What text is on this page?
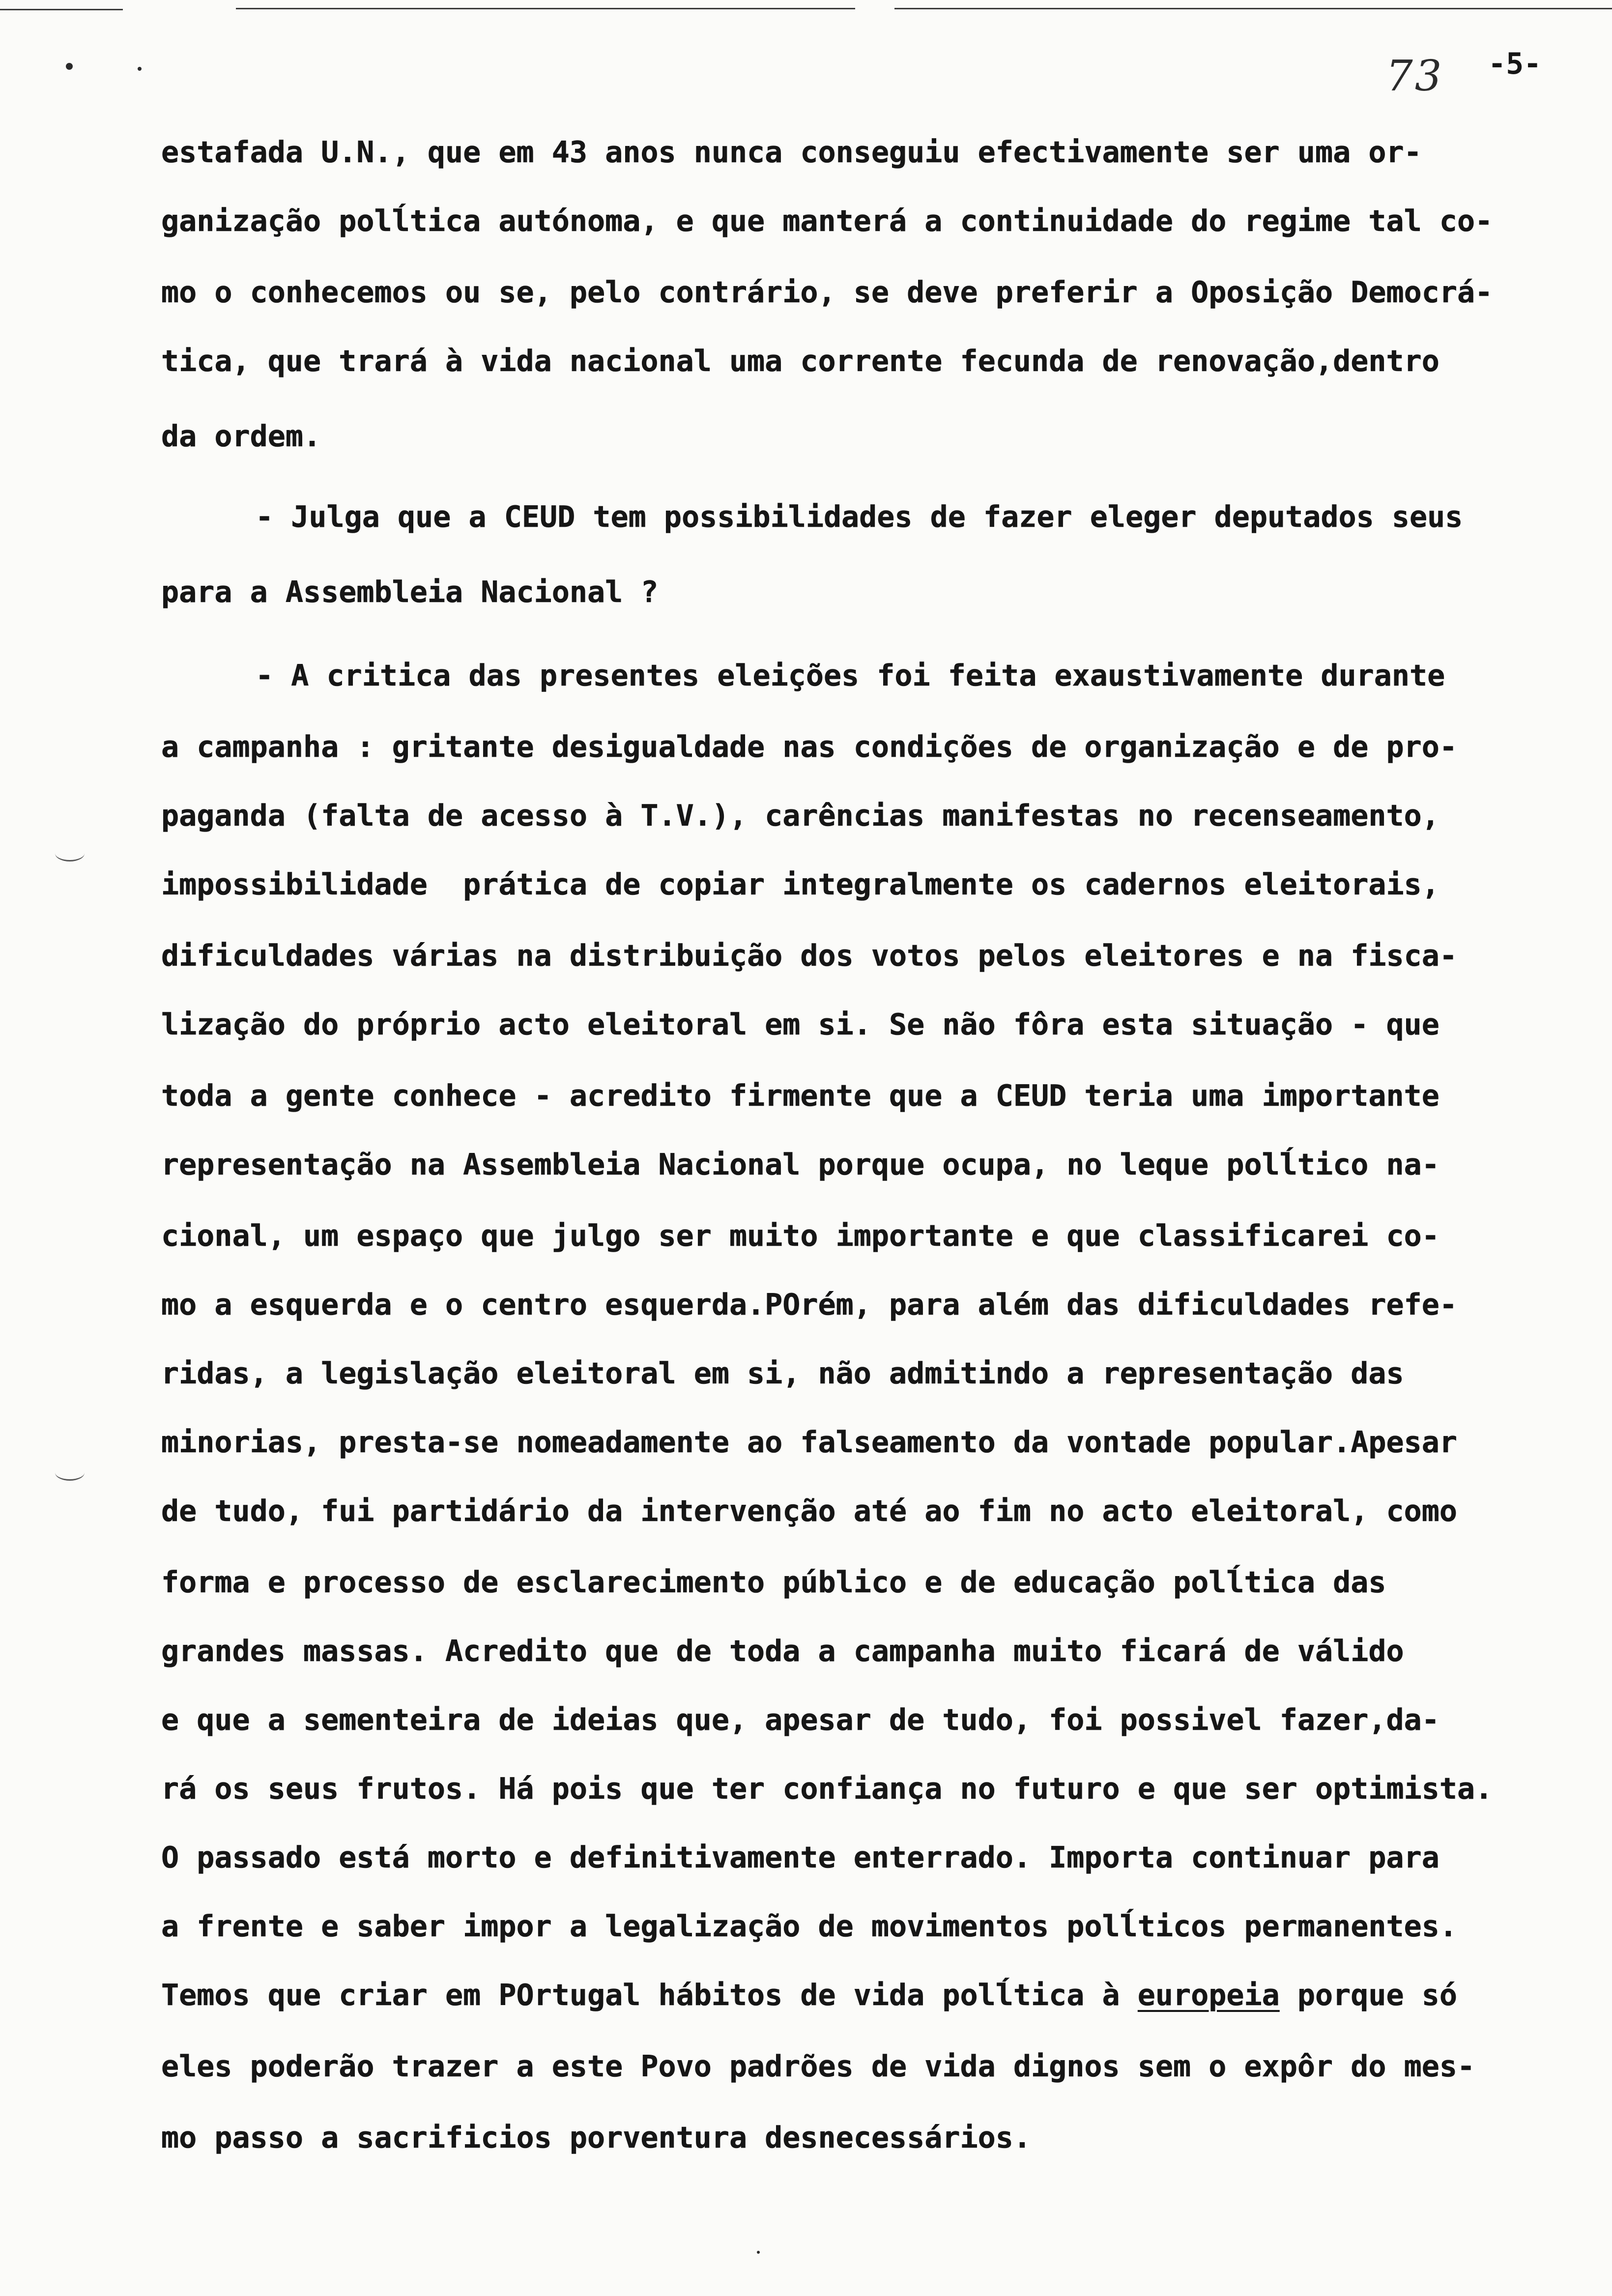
73 -5-

estafada U.N., que em 43 anos nunca conseguiu efectivamente ser uma or-

ganização polĺtica autónoma, e que manterá a continuidade do regime tal co-

mo o conhecemos ou se, pelo contrário, se deve preferir a Oposição Democrá-

tica, que trará à vida nacional uma corrente fecunda de renovação,dentro

da ordem.

- Julga que a CEUD tem possibilidades de fazer eleger deputados seus

para a Assembleia Nacional ?

- A critica das presentes eleições foi feita exaustivamente durante

a campanha : gritante desigualdade nas condições de organização e de pro-

paganda (falta de acesso à T.V.), carências manifestas no recenseamento,

impossibilidade  prática de copiar integralmente os cadernos eleitorais,

dificuldades várias na distribuição dos votos pelos eleitores e na fisca-

lização do próprio acto eleitoral em si. Se não fôra esta situação - que

toda a gente conhece - acredito firmente que a CEUD teria uma importante

representação na Assembleia Nacional porque ocupa, no leque polĺtico na-

cional, um espaço que julgo ser muito importante e que classificarei co-

mo a esquerda e o centro esquerda.POrém, para além das dificuldades refe-

ridas, a legislação eleitoral em si, não admitindo a representação das

minorias, presta-se nomeadamente ao falseamento da vontade popular.Apesar

de tudo, fui partidário da intervenção até ao fim no acto eleitoral, como

forma e processo de esclarecimento público e de educação polĺtica das

grandes massas. Acredito que de toda a campanha muito ficará de válido

e que a sementeira de ideias que, apesar de tudo, foi possivel fazer,da-

rá os seus frutos. Há pois que ter confiança no futuro e que ser optimista.

O passado está morto e definitivamente enterrado. Importa continuar para

a frente e saber impor a legalização de movimentos polĺticos permanentes.

Temos que criar em POrtugal hábitos de vida polĺtica à europeia porque só

eles poderão trazer a este Povo padrões de vida dignos sem o expôr do mes-

mo passo a sacrificios porventura desnecessários.
